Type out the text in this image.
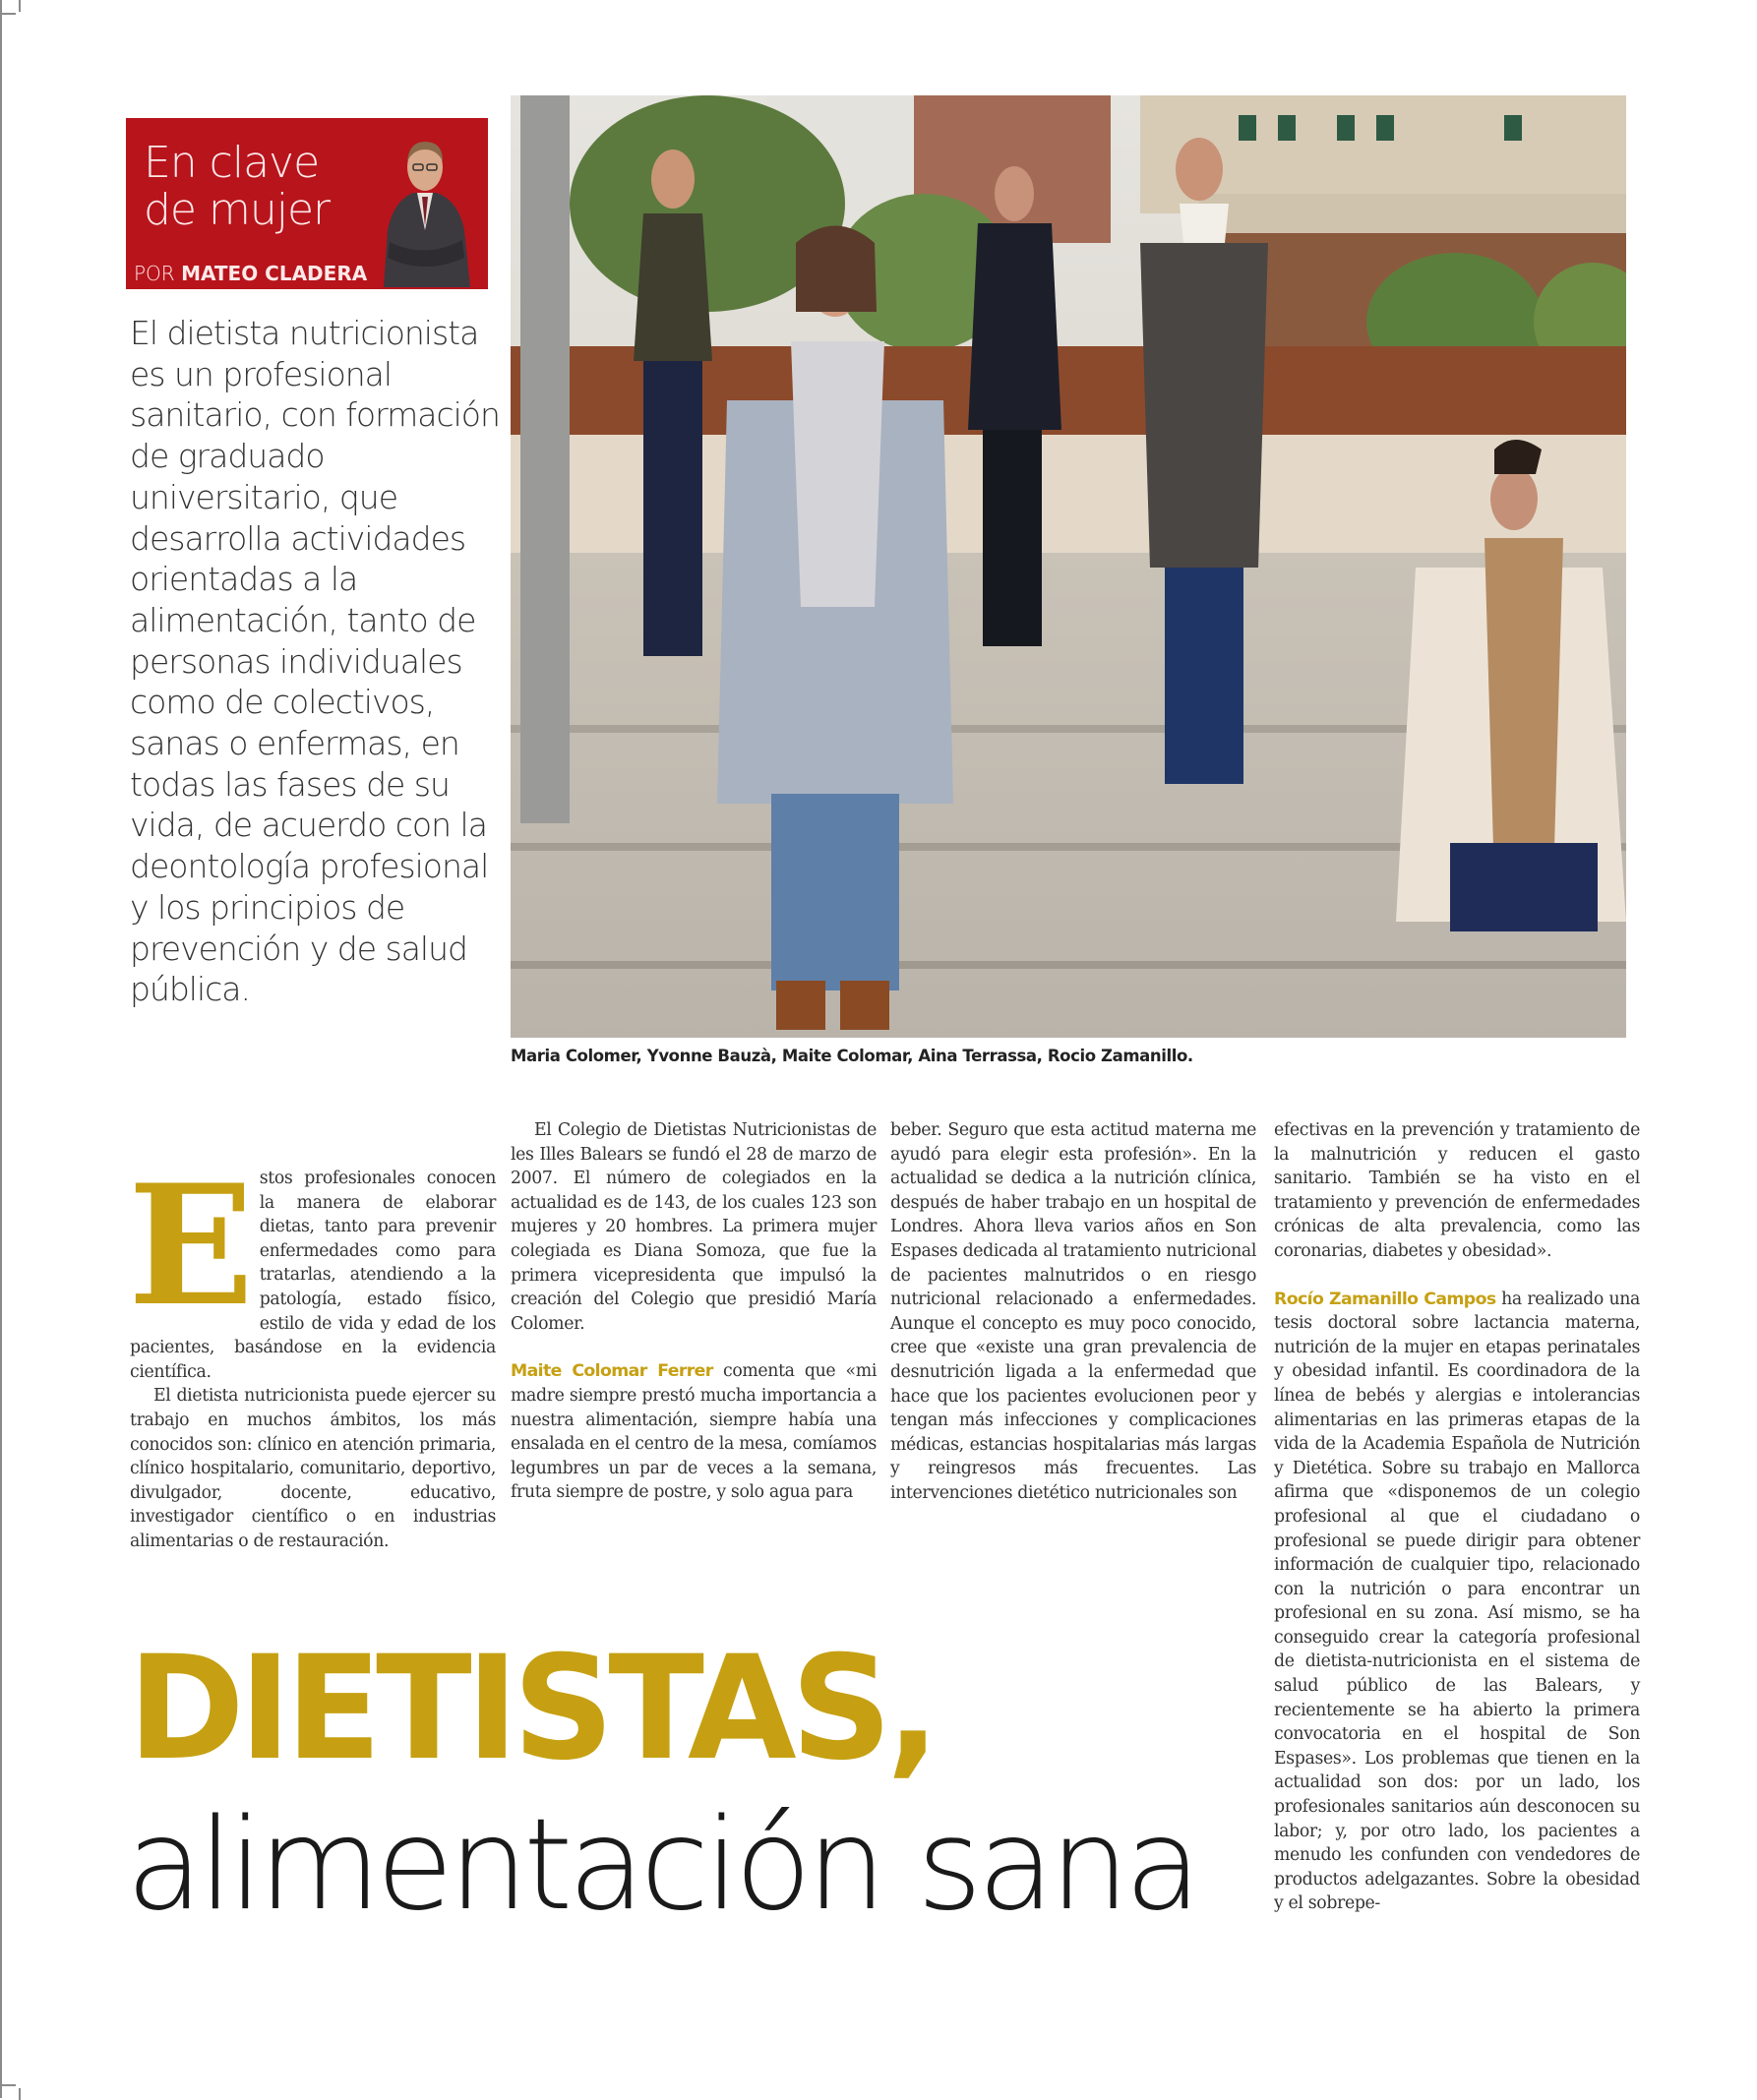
En clave
de mujer
POR MATEO CLADERA
El dietista nutricionista es un profesional sanitario, con formación de graduado universitario, que desarrolla actividades orientadas a la alimentación, tanto de personas individuales como de colectivos, sanas o enfermas, en todas las fases de su vida, de acuerdo con la deontología profesional y los principios de prevención y de salud pública.
Maria Colomer, Yvonne Bauzà, Maite Colomar, Aina Terrassa, Rocio Zamanillo.

Estos profesionales conocen la manera de elaborar dietas, tanto para prevenir enfermedades como para tratarlas, atendiendo a la patología, estado físico, estilo de vida y edad de los pacientes, basándose en la evidencia científica.

El dietista nutricionista puede ejercer su trabajo en muchos ámbitos, los más conocidos son: clínico en atención primaria, clínico hospitalario, comunitario, deportivo, divulgador, docente, educativo, investigador científico o en industrias alimentarias o de restauración.

El Colegio de Dietistas Nutricionistas de les Illes Balears se fundó el 28 de marzo de 2007. El número de colegiados en la actualidad es de 143, de los cuales 123 son mujeres y 20 hombres. La primera mujer colegiada es Diana Somoza, que fue la primera vicepresidenta que impulsó la creación del Colegio que presidió María Colomer.

Maite Colomar Ferrer comenta que «mi madre siempre prestó mucha importancia a nuestra alimentación, siempre había una ensalada en el centro de la mesa, comíamos legumbres un par de veces a la semana, fruta siempre de postre, y solo agua para

beber. Seguro que esta actitud materna me ayudó para elegir esta profesión». En la actualidad se dedica a la nutrición clínica, después de haber trabajo en un hospital de Londres. Ahora lleva varios años en Son Espases dedicada al tratamiento nutricional de pacientes malnutridos o en riesgo nutricional relacionado a enfermedades. Aunque el concepto es muy poco conocido, cree que «existe una gran prevalencia de desnutrición ligada a la enfermedad que hace que los pacientes evolucionen peor y tengan más infecciones y complicaciones médicas, estancias hospitalarias más largas y reingresos más frecuentes. Las intervenciones dietético nutricionales son

efectivas en la prevención y tratamiento de la malnutrición y reducen el gasto sanitario. También se ha visto en el tratamiento y prevención de enfermedades crónicas de alta prevalencia, como las coronarias, diabetes y obesidad».

Rocío Zamanillo Campos ha realizado una tesis doctoral sobre lactancia materna, nutrición de la mujer en etapas perinatales y obesidad infantil. Es coordinadora de la línea de bebés y alergias e intolerancias alimentarias en las primeras etapas de la vida de la Academia Española de Nutrición y Dietética. Sobre su trabajo en Mallorca afirma que «disponemos de un colegio profesional al que el ciudadano o profesional se puede dirigir para obtener información de cualquier tipo, relacionado con la nutrición o para encontrar un profesional en su zona. Así mismo, se ha conseguido crear la categoría profesional de dietista-nutricionista en el sistema de salud público de las Balears, y recientemente se ha abierto la primera convocatoria en el hospital de Son Espases». Los problemas que tienen en la actualidad son dos: por un lado, los profesionales sanitarios aún desconocen su labor; y, por otro lado, los pacientes a menudo les confunden con vendedores de productos adelgazantes. Sobre la obesidad y el sobrepe-

DIETISTAS,
alimentación sana
